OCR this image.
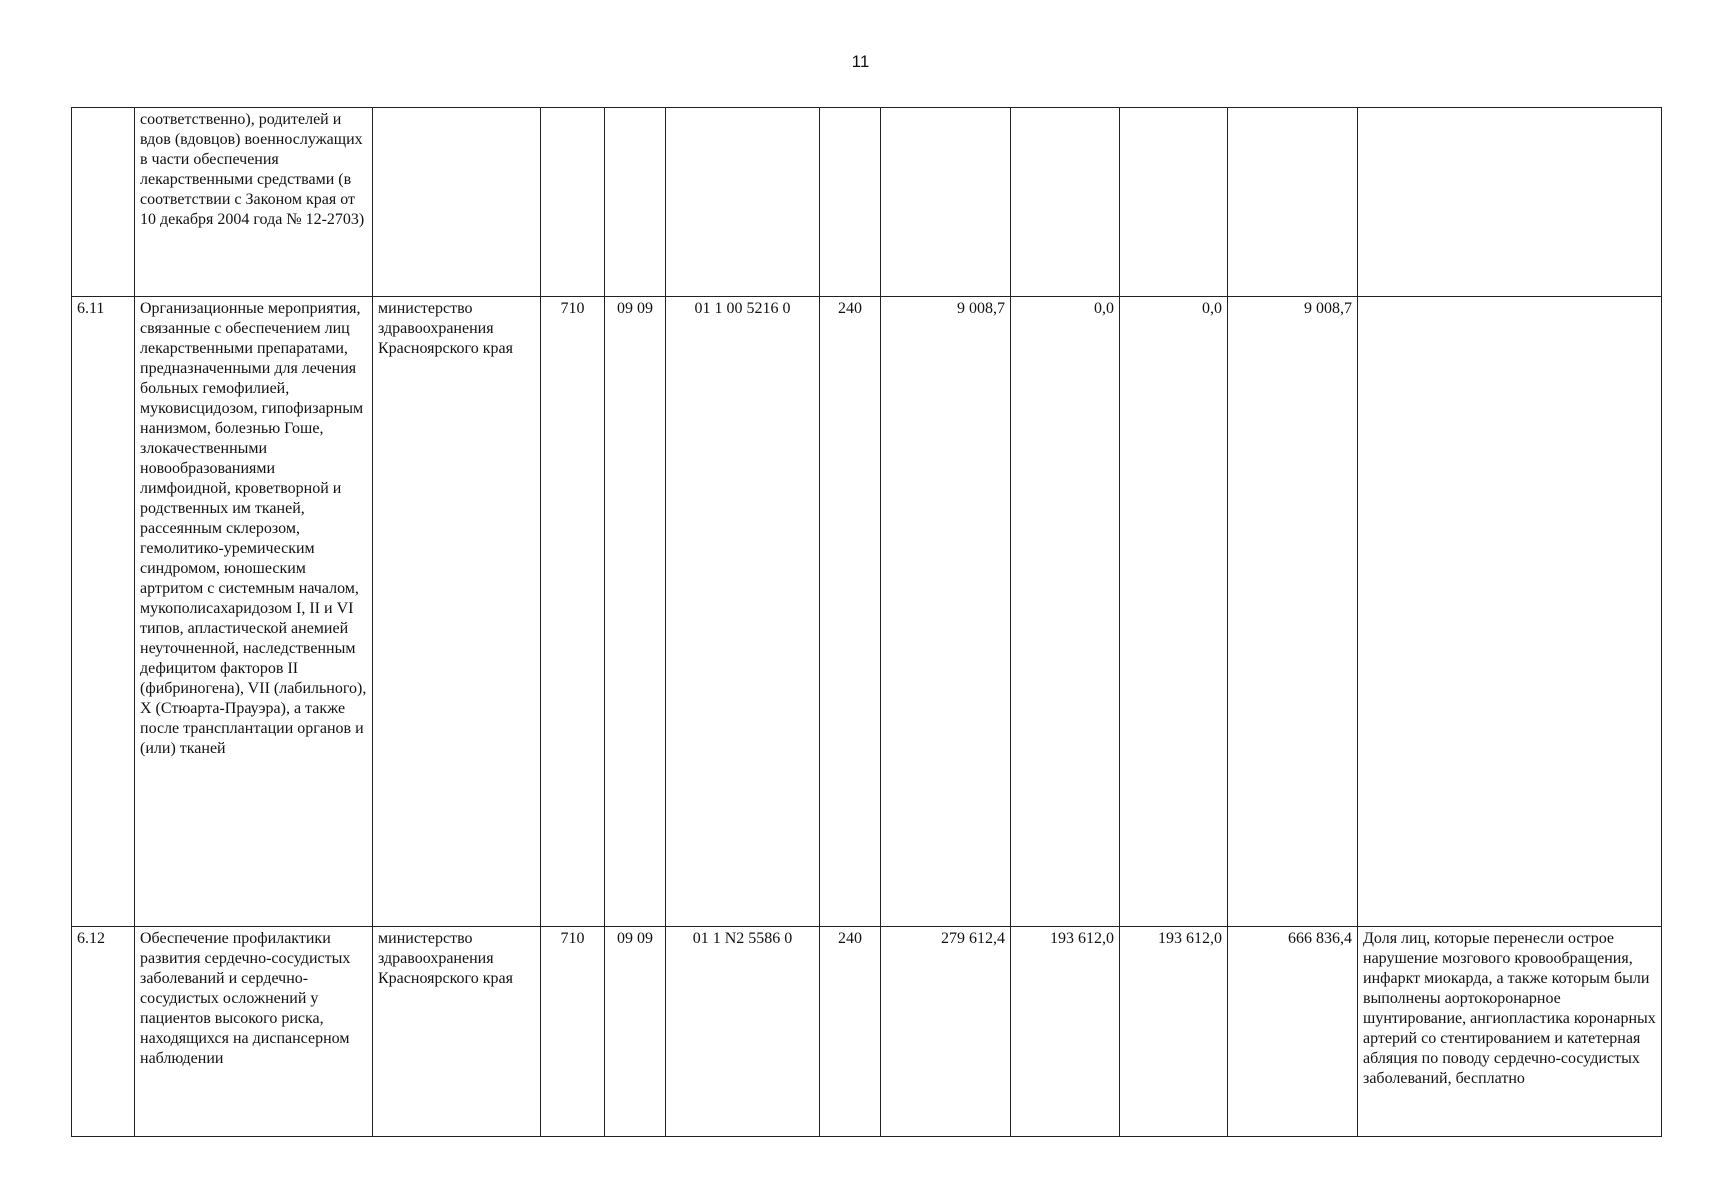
11
	соответственно), родителей и вдов (вдовцов) военнослужащих в части обеспечения лекарственными средствами (в соответствии с Законом края от 10 декабря 2004 года № 12-2703)										
6.11	Организационные мероприятия, связанные с обеспечением лиц лекарственными препаратами, предназначенными для лечения больных гемофилией, муковисцидозом, гипофизарным нанизмом, болезнью Гоше, злокачественными новообразованиями лимфоидной, кроветворной и родственных им тканей, рассеянным склерозом, гемолитико-уремическим синдромом, юношеским артритом с системным началом, мукополисахаридозом I, II и VI типов, апластической анемией неуточненной, наследственным дефицитом факторов II (фибриногена), VII (лабильного), X (Стюарта-Прауэра), а также после трансплантации органов и (или) тканей	министерство здравоохранения Красноярского края	710	09 09	01 1 00 5216 0	240	9 008,7	0,0	0,0	9 008,7	
6.12	Обеспечение профилактики развития сердечно-сосудистых заболеваний и сердечно-сосудистых осложнений у пациентов высокого риска, находящихся на диспансерном наблюдении	министерство здравоохранения Красноярского края	710	09 09	01 1 N2 5586 0	240	279 612,4	193 612,0	193 612,0	666 836,4	Доля лиц, которые перенесли острое нарушение мозгового кровообращения, инфаркт миокарда, а также которым были выполнены аортокоронарное шунтирование, ангиопластика коронарных артерий со стентированием и катетерная абляция по поводу сердечно-сосудистых заболеваний, бесплатно
